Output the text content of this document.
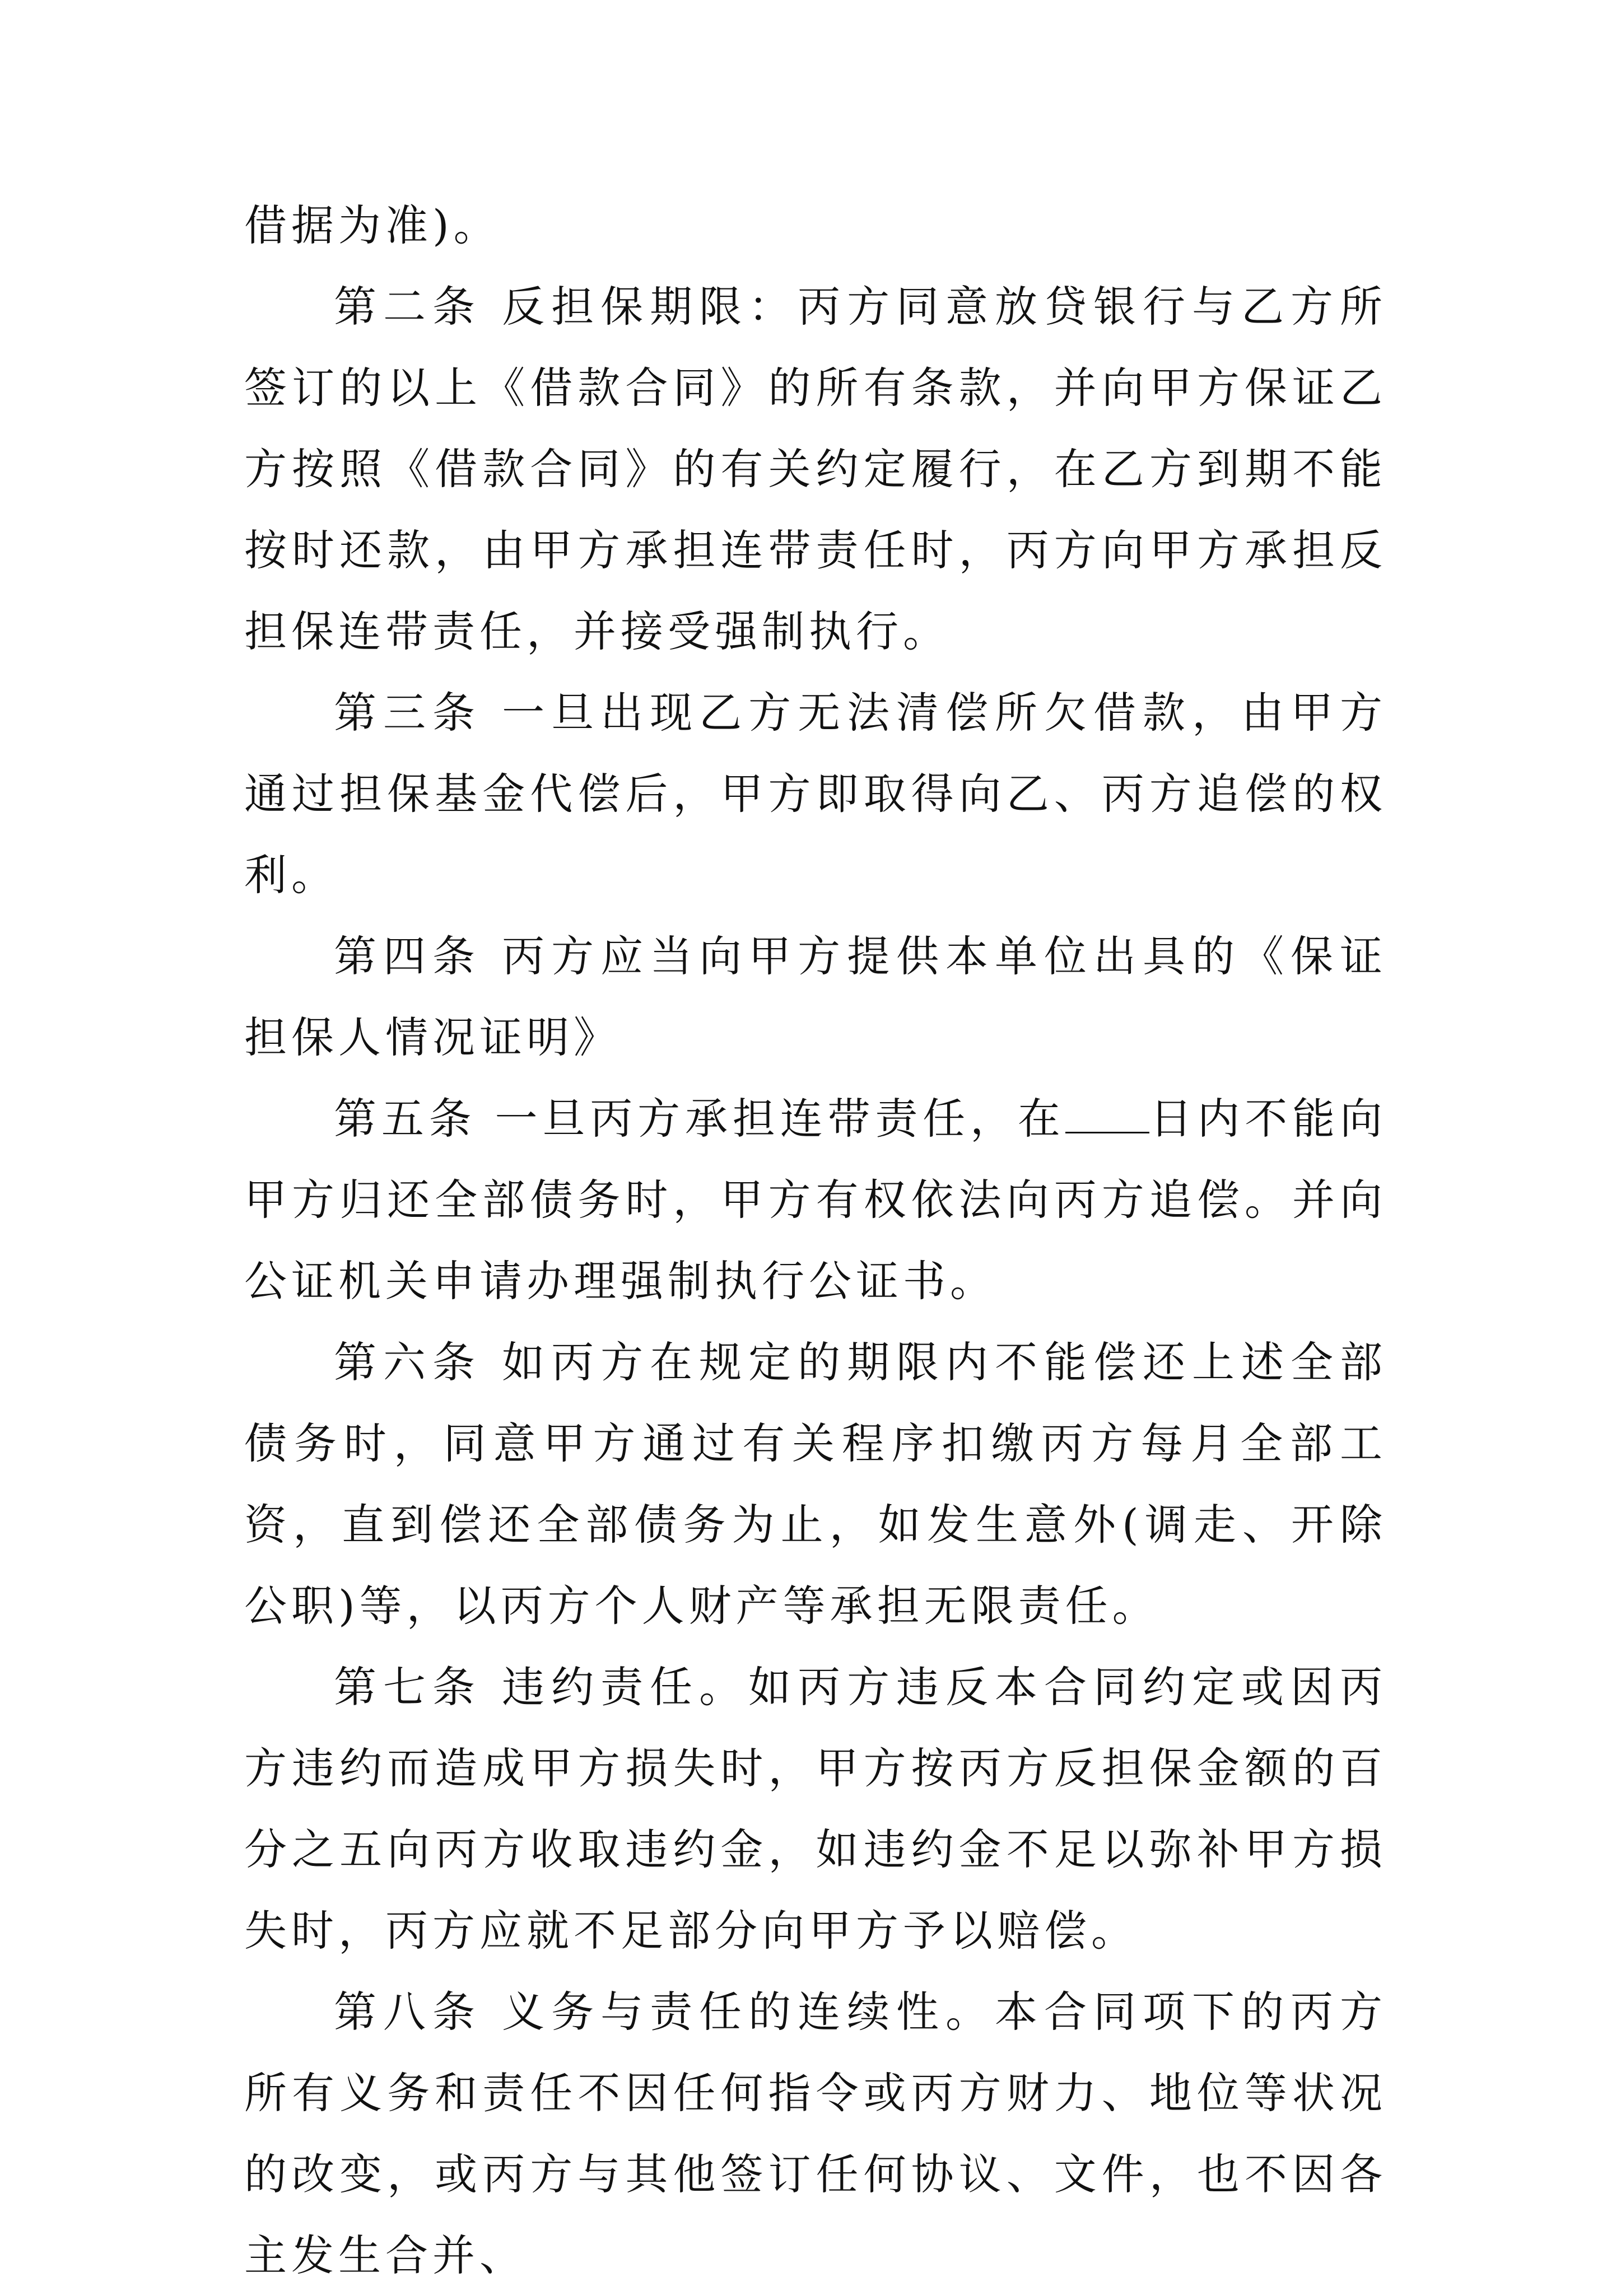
借据为准)。

第二条 反担保期限：丙方同意放贷银行与乙方所签订的以上《借款合同》的所有条款，并向甲方保证乙方按照《借款合同》的有关约定履行，在乙方到期不能按时还款，由甲方承担连带责任时，丙方向甲方承担反担保连带责任，并接受强制执行。

第三条 一旦出现乙方无法清偿所欠借款，由甲方通过担保基金代偿后，甲方即取得向乙、丙方追偿的权利。

第四条 丙方应当向甲方提供本单位出具的《保证担保人情况证明》

第五条 一旦丙方承担连带责任，在 日内不能向甲方归还全部债务时，甲方有权依法向丙方追偿。并向公证机关申请办理强制执行公证书。

第六条 如丙方在规定的期限内不能偿还上述全部债务时，同意甲方通过有关程序扣缴丙方每月全部工资，直到偿还全部债务为止，如发生意外(调走、开除公职)等，以丙方个人财产等承担无限责任。

第七条 违约责任。如丙方违反本合同约定或因丙方违约而造成甲方损失时，甲方按丙方反担保金额的百分之五向丙方收取违约金，如违约金不足以弥补甲方损失时，丙方应就不足部分向甲方予以赔偿。

第八条 义务与责任的连续性。本合同项下的丙方所有义务和责任不因任何指令或丙方财力、地位等状况的改变，或丙方与其他签订任何协议、文件，也不因各主发生合并、
